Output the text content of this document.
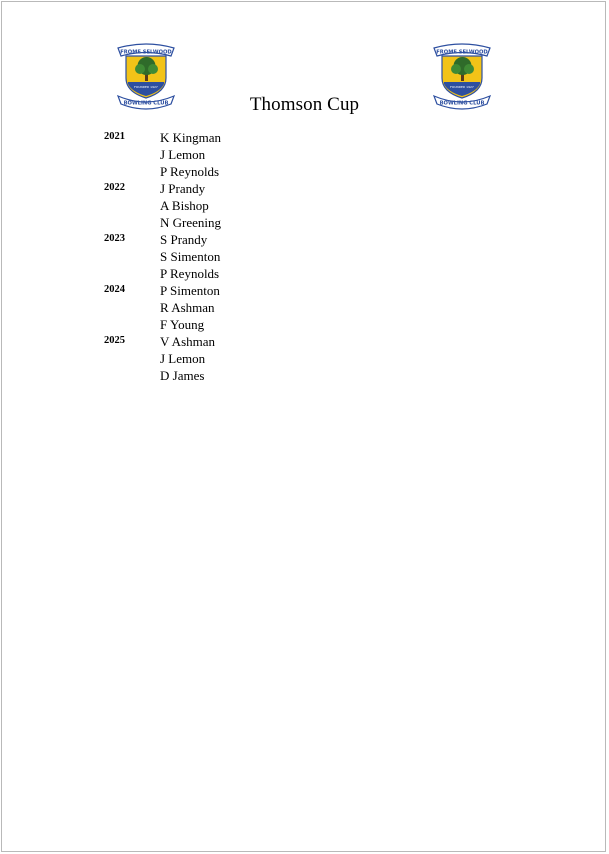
FROME SELWOOD
FOUNDED 1927
BOWLING CLUB
FROME SELWOOD
FOUNDED 1927
BOWLING CLUB
Thomson Cup
2021	K Kingman
J Lemon
P Reynolds
2022	J Prandy
A Bishop
N Greening
2023	S Prandy
S Simenton
P Reynolds
2024	P Simenton
R Ashman
F Young
2025	V Ashman
J Lemon
D James
